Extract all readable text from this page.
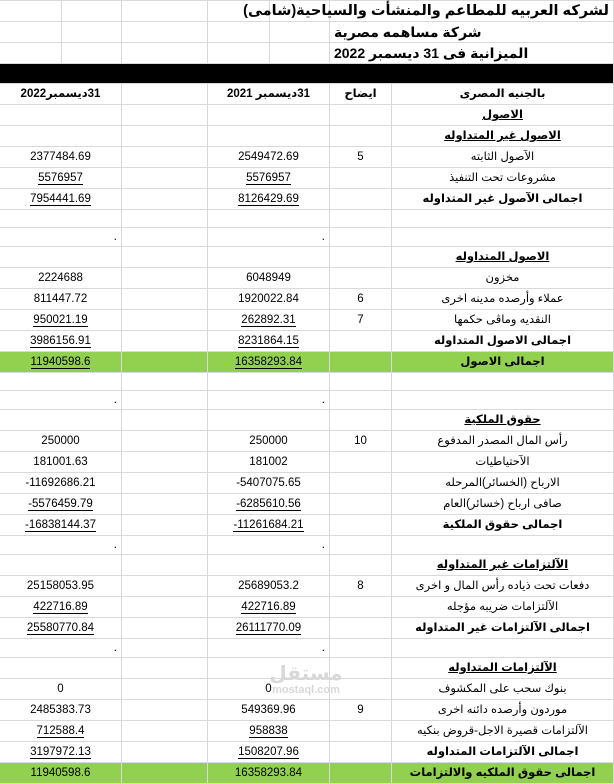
لشركه العربيه للمطاعم والمنشأت والسياحية(شامى)						
شركة مساهمه مصرية						
الميزانية فى 31 ديسمبر 2022						

بالجنيه المصرى	ايضاح	31ديسمبر 2021			31ديسمبر2022	
الاصول						
الاصول غير المتداوله						
الآصول الثابته	5	2549472.69			2377484.69	
مشروعات تحت التنفيذ		5576957			5576957	
اجمالى الآصول غير المتداوله		8126429.69			7954441.69	

		.			.	
الاصول المتداوله						
مخزون		6048949			2224688	
عملاء وأرصده مدينه اخرى	6	1920022.84			811447.72	
النقديه وماڤى حكمها	7	262892.31			950021.19	
اجمالى الاصول المتداوله		8231864.15			3986156.91	
اجمالى الاصول		16358293.84			11940598.6	

		.			.	
حقوق الملكية						
رأس المال المصدر المدفوع	10	250000			250000	
الآحتياطيات		181002			181001.63	
الارباح (الخسائر)المرحله		-5407075.65			-11692686.21	
صافى ارباح (خسائر)العام		-6285610.56			-5576459.79	
اجمالى حقوق الملكية		-11261684.21			-16838144.37	
		.			.	
الآلتزامات غير المتداوله						
دفعات تحت ذياده رأس المال و اخرى	8	25689053.2			25158053.95	
الآلتزامات ضريبه مؤجله		422716.89			422716.89	
اجمالى الآلتزامات غير المتداوله		26111770.09			25580770.84	
		.			.	
الآلتزامات المتداوله						
بنوك سحب على المكشوف		0			0	
موردون وأرصده دائنه اخرى	9	549369.96			2485383.73	
الآلتزامات قصيرة الاجل-قروض بنكيه		958838			712588.4	
اجمالى الآلتزامات المتداوله		1508207.96			3197972.13	
اجمالى حقوق الملكيه والالتزامات		16358293.84			11940598.6	
مستقل
mostaql.com
